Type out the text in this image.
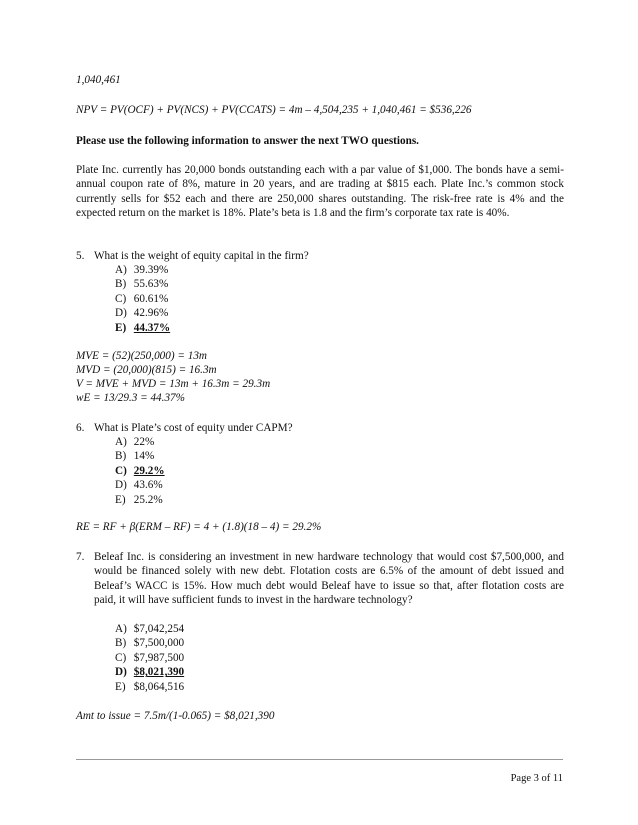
1,040,461
NPV = PV(OCF) + PV(NCS) + PV(CCATS) = 4m – 4,504,235 + 1,040,461 = $536,226
Please use the following information to answer the next TWO questions.
Plate Inc. currently has 20,000 bonds outstanding each with a par value of $1,000. The bonds have a semi-annual coupon rate of 8%, mature in 20 years, and are trading at $815 each. Plate Inc.’s common stock currently sells for $52 each and there are 250,000 shares outstanding. The risk-free rate is 4% and the expected return on the market is 18%. Plate’s beta is 1.8 and the firm’s corporate tax rate is 40%.
5. What is the weight of equity capital in the firm?
A) 39.39%
B) 55.63%
C) 60.61%
D) 42.96%
E) 44.37%
MVE = (52)(250,000) = 13m
MVD = (20,000)(815) = 16.3m
V = MVE + MVD = 13m + 16.3m = 29.3m
wE = 13/29.3 = 44.37%
6. What is Plate’s cost of equity under CAPM?
A) 22%
B) 14%
C) 29.2%
D) 43.6%
E) 25.2%
RE = RF + β(ERM – RF) = 4 + (1.8)(18 – 4) = 29.2%
7. Beleaf Inc. is considering an investment in new hardware technology that would cost $7,500,000, and would be financed solely with new debt. Flotation costs are 6.5% of the amount of debt issued and Beleaf’s WACC is 15%. How much debt would Beleaf have to issue so that, after flotation costs are paid, it will have sufficient funds to invest in the hardware technology?
A) $7,042,254
B) $7,500,000
C) $7,987,500
D) $8,021,390
E) $8,064,516
Amt to issue = 7.5m/(1-0.065) = $8,021,390
Page 3 of 11
